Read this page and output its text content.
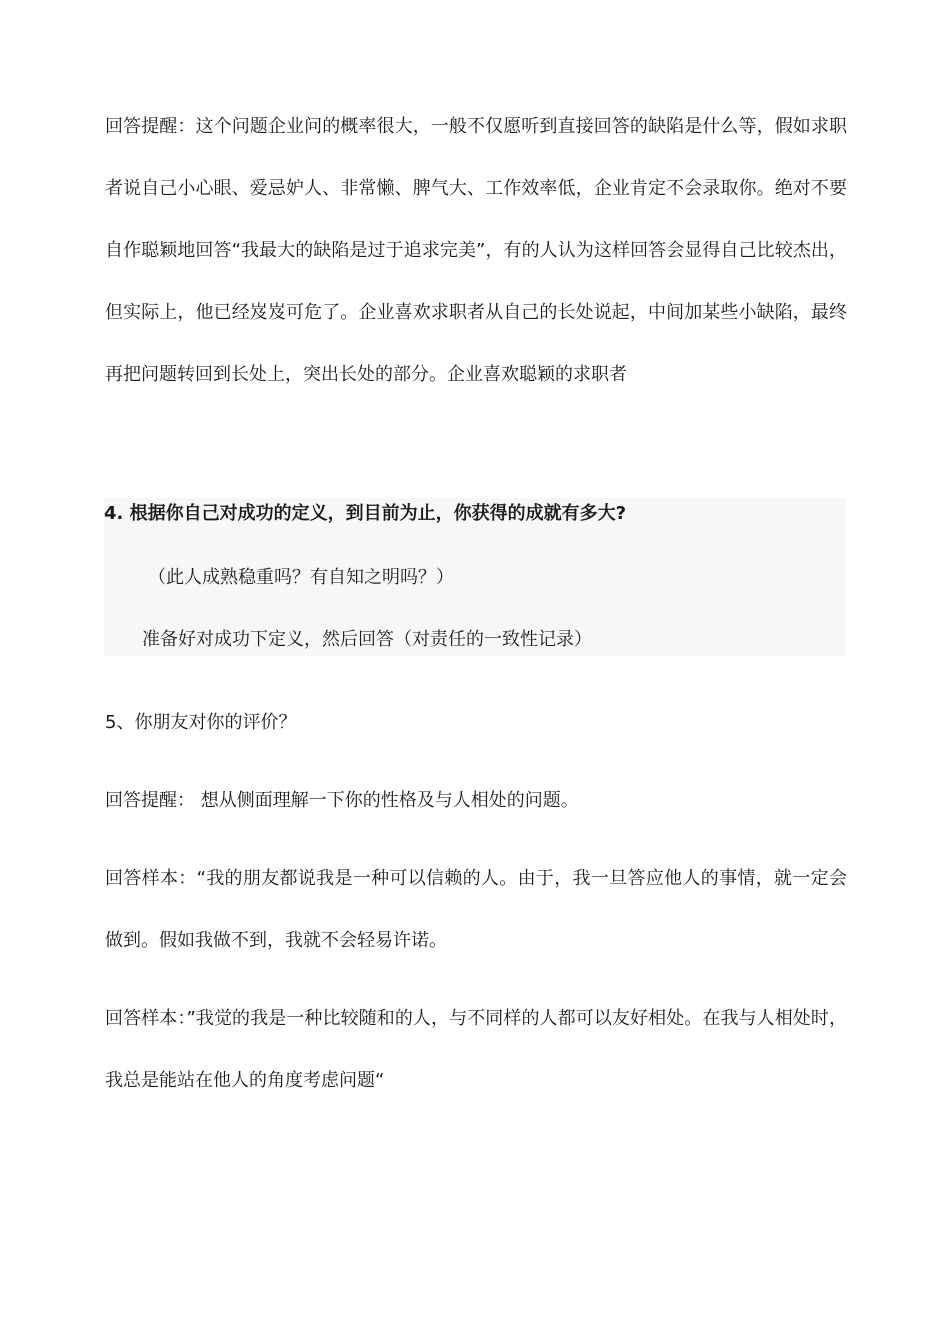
回答提醒：这个问题企业问的概率很大，一般不仅愿听到直接回答的缺陷是什么等，假如求职者说自己小心眼、爱忌妒人、非常懒、脾气大、工作效率低，企业肯定不会录取你。绝对不要自作聪颖地回答“我最大的缺陷是过于追求完美”，有的人认为这样回答会显得自己比较杰出，但实际上，他已经岌岌可危了。企业喜欢求职者从自己的长处说起，中间加某些小缺陷，最终再把问题转回到长处上，突出长处的部分。企业喜欢聪颖的求职者

4. 根据你自己对成功的定义，到目前为止，你获得的成就有多大?

（此人成熟稳重吗？有自知之明吗？）

准备好对成功下定义，然后回答（对责任的一致性记录）

5、你朋友对你的评价？

回答提醒： 想从侧面理解一下你的性格及与人相处的问题。

回答样本：“我的朋友都说我是一种可以信赖的人。由于，我一旦答应他人的事情，就一定会做到。假如我做不到，我就不会轻易许诺。

回答样本：”我觉的我是一种比较随和的人，与不同样的人都可以友好相处。在我与人相处时，我总是能站在他人的角度考虑问题“
